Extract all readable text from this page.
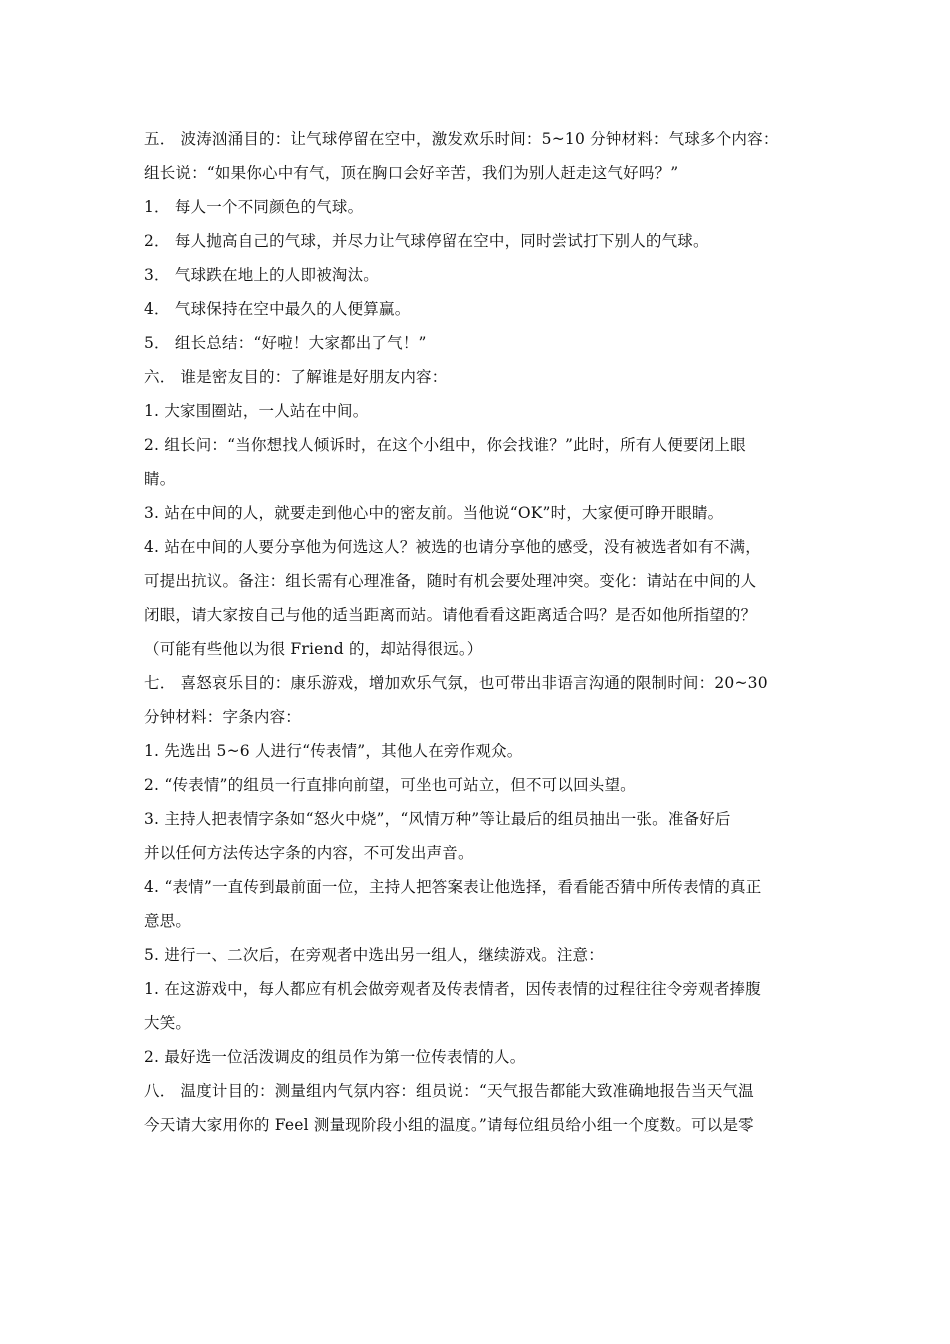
五． 波涛汹涌目的：让气球停留在空中，激发欢乐时间：5~10 分钟材料：气球多个内容：
组长说：“如果你心中有气，顶在胸口会好辛苦，我们为别人赶走这气好吗？”
1． 每人一个不同颜色的气球。
2． 每人抛高自己的气球，并尽力让气球停留在空中，同时尝试打下别人的气球。
3． 气球跌在地上的人即被淘汰。
4． 气球保持在空中最久的人便算赢。
5． 组长总结：“好啦！大家都出了气！”
六． 谁是密友目的：了解谁是好朋友内容：
1. 大家围圈站，一人站在中间。
2. 组长问：“当你想找人倾诉时，在这个小组中，你会找谁？”此时，所有人便要闭上眼
睛。
3. 站在中间的人，就要走到他心中的密友前。当他说“OK”时，大家便可睁开眼睛。
4. 站在中间的人要分享他为何选这人？被选的也请分享他的感受，没有被选者如有不满，
可提出抗议。备注：组长需有心理准备，随时有机会要处理冲突。变化：请站在中间的人
闭眼，请大家按自己与他的适当距离而站。请他看看这距离适合吗？是否如他所指望的？
（可能有些他以为很 Friend 的，却站得很远。）
七． 喜怒哀乐目的：康乐游戏，增加欢乐气氛，也可带出非语言沟通的限制时间：20~30
分钟材料：字条内容：
1. 先选出 5~6 人进行“传表情”，其他人在旁作观众。
2. “传表情”的组员一行直排向前望，可坐也可站立，但不可以回头望。
3. 主持人把表情字条如“怒火中烧”，“风情万种”等让最后的组员抽出一张。准备好后
并以任何方法传达字条的内容，不可发出声音。
4. “表情”一直传到最前面一位，主持人把答案表让他选择，看看能否猜中所传表情的真正
意思。
5. 进行一、二次后，在旁观者中选出另一组人，继续游戏。注意：
1. 在这游戏中，每人都应有机会做旁观者及传表情者，因传表情的过程往往令旁观者捧腹
大笑。
2. 最好选一位活泼调皮的组员作为第一位传表情的人。
八． 温度计目的：测量组内气氛内容：组员说：“天气报告都能大致准确地报告当天气温
今天请大家用你的 Feel 测量现阶段小组的温度。”请每位组员给小组一个度数。可以是零
